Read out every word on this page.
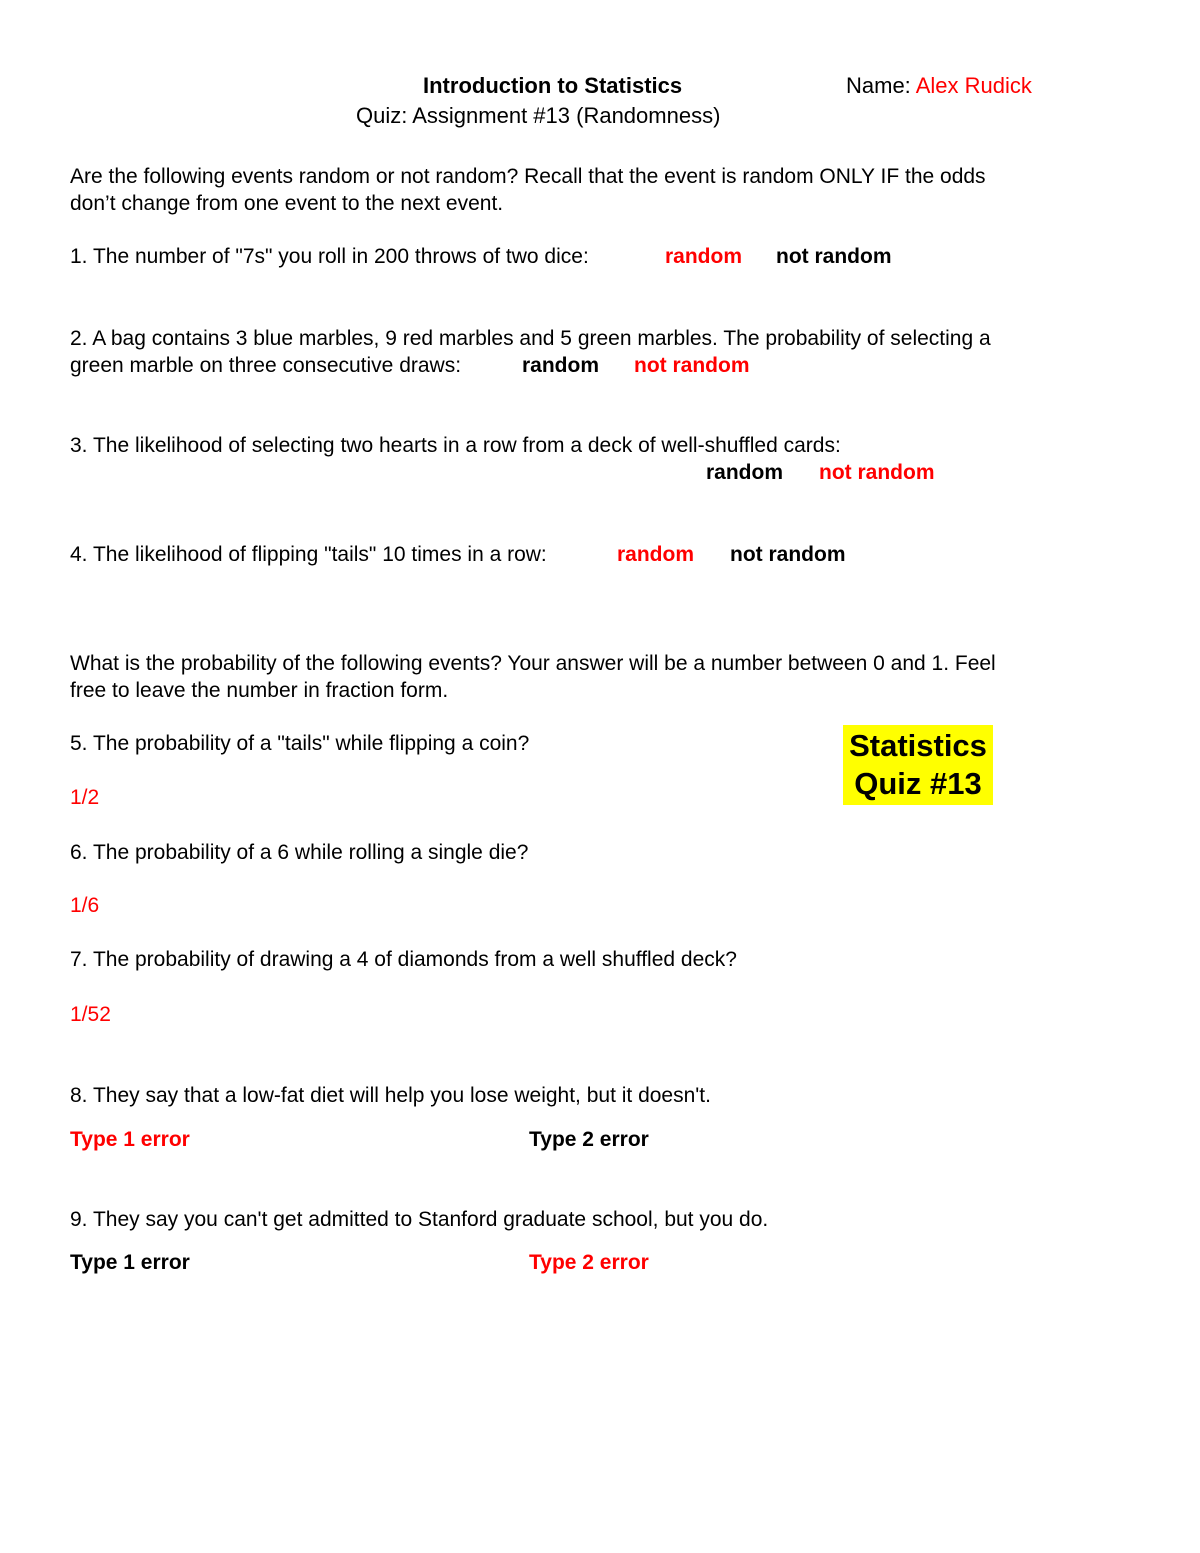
Introduction to Statistics	Name: Alex Rudick
Quiz: Assignment #13 (Randomness)
Are the following events random or not random? Recall that the event is random ONLY IF the odds
don’t change from one event to the next event.
1. The number of "7s" you roll in 200 throws of two dice:	random not random
2. A bag contains 3 blue marbles, 9 red marbles and 5 green marbles. The probability of selecting a
green marble on three consecutive draws:	random not random
3. The likelihood of selecting two hearts in a row from a deck of well-shuffled cards:
random not random
4. The likelihood of flipping "tails" 10 times in a row:	random not random
What is the probability of the following events? Your answer will be a number between 0 and 1. Feel
free to leave the number in fraction form.
5. The probability of a "tails" while flipping a coin?
1/2
Statistics
Quiz #13
6. The probability of a 6 while rolling a single die?
1/6
7. The probability of drawing a 4 of diamonds from a well shuffled deck?
1/52
8. They say that a low-fat diet will help you lose weight, but it doesn't.
Type 1 error	Type 2 error
9. They say you can't get admitted to Stanford graduate school, but you do.
Type 1 error	Type 2 error
